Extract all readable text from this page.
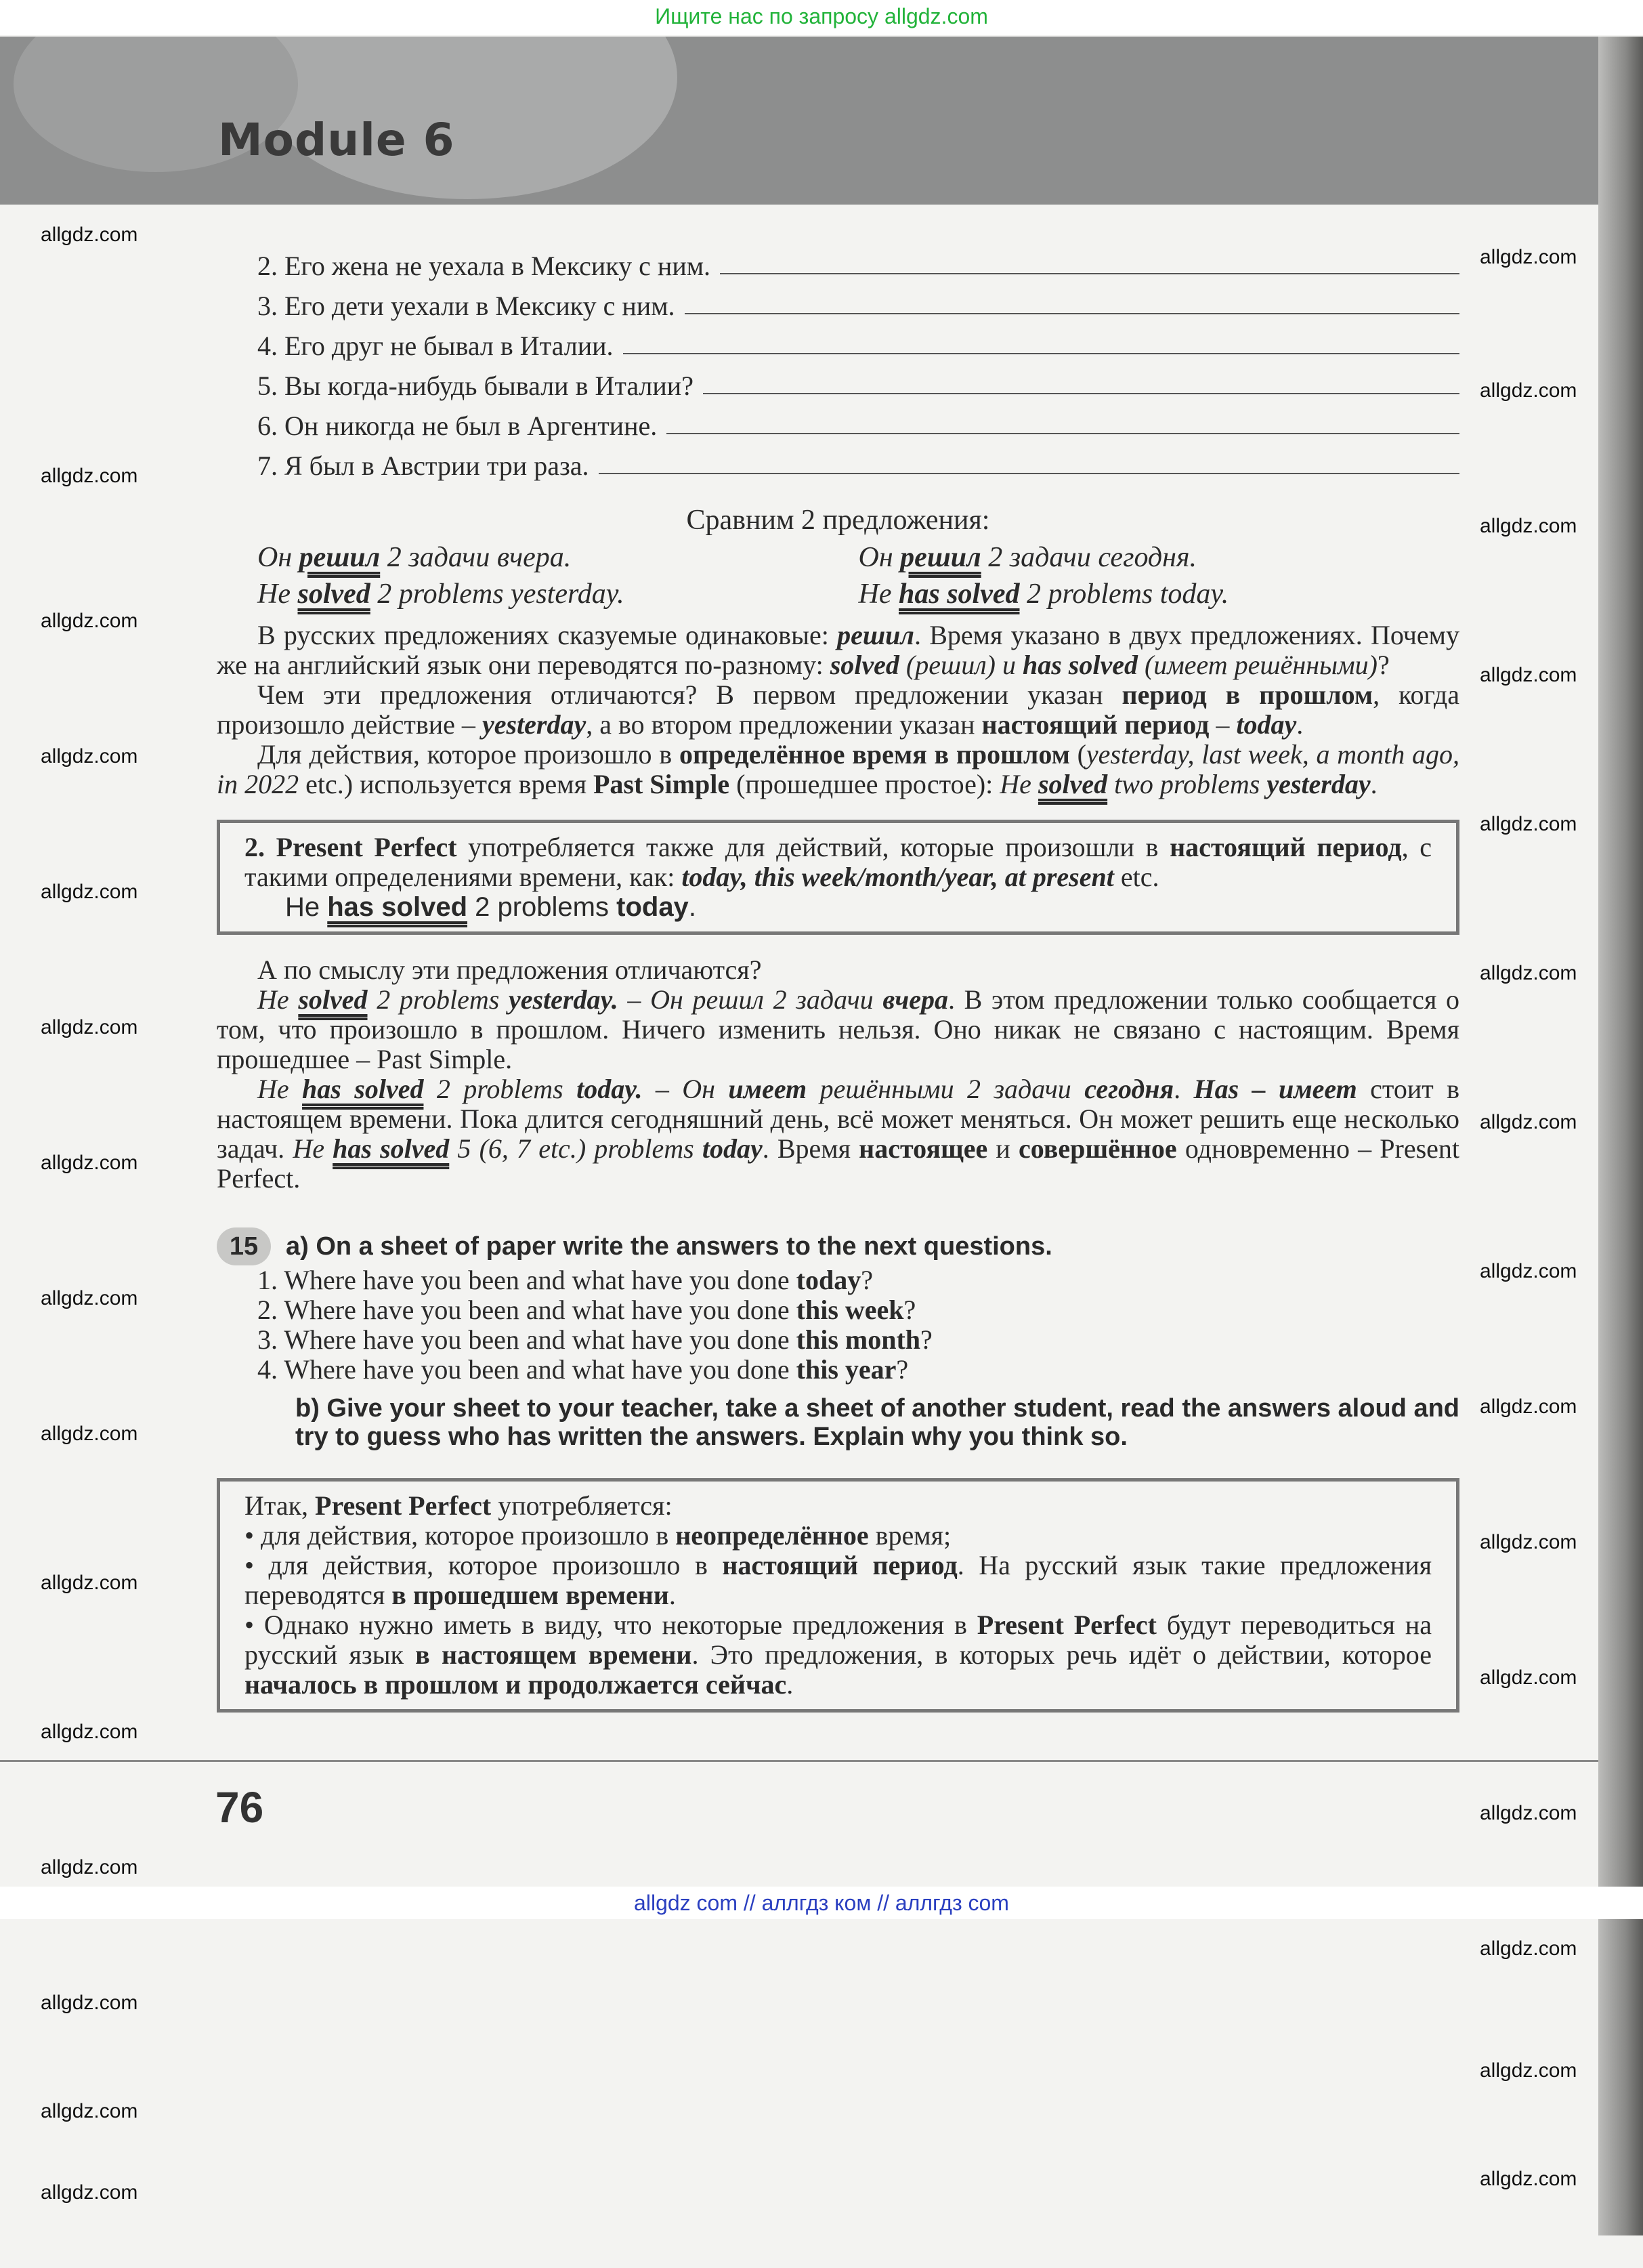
Ищите нас по запросу allgdz.com
Module 6
2. Его жена не уехала в Мексику с ним.
3. Его дети уехали в Мексику с ним.
4. Его друг не бывал в Италии.
5. Вы когда-нибудь бывали в Италии?
6. Он никогда не был в Аргентине.
7. Я был в Австрии три раза.
Сравним 2 предложения:
Он решил 2 задачи вчера.	Он решил 2 задачи сегодня.
He solved 2 problems yesterday.	He has solved 2 problems today.

В русских предложениях сказуемые одинаковые: решил. Время указано в двух предложениях. Почему же на английский язык они переводятся по-разному: solved (решил) и has solved (имеет решёнными)?

Чем эти предложения отличаются? В первом предложении указан период в прошлом, когда произошло действие – yesterday, а во втором предложении указан настоящий период – today.

Для действия, которое произошло в определённое время в прошлом (yesterday, last week, a month ago, in 2022 etc.) используется время Past Simple (прошедшее простое): He solved two problems yesterday.

2. Present Perfect употребляется также для действий, которые произошли в настоящий период, с такими определениями времени, как: today, this week/month/year, at present etc.

He has solved 2 problems today.

А по смыслу эти предложения отличаются?

He solved 2 problems yesterday. – Он решил 2 задачи вчера. В этом предложении только сообщается о том, что произошло в прошлом. Ничего изменить нельзя. Оно никак не связано с настоящим. Время прошедшее – Past Simple.

He has solved 2 problems today. – Он имеет решёнными 2 задачи сегодня. Has – имеет стоит в настоящем времени. Пока длится сегодняшний день, всё может меняться. Он может решить еще несколько задач. He has solved 5 (6, 7 etc.) problems today. Время настоящее и совершённое одновременно – Present Perfect.

15 a) On a sheet of paper write the answers to the next questions.
1. Where have you been and what have you done today?
2. Where have you been and what have you done this week?
3. Where have you been and what have you done this month?
4. Where have you been and what have you done this year?
b) Give your sheet to your teacher, take a sheet of another student, read the answers aloud and try to guess who has written the answers. Explain why you think so.

Итак, Present Perfect употребляется:

• для действия, которое произошло в неопределённое время;

• для действия, которое произошло в настоящий период. На русский язык такие предложения переводятся в прошедшем времени.

• Однако нужно иметь в виду, что некоторые предложения в Present Perfect будут переводиться на русский язык в настоящем времени. Это предложения, в которых речь идёт о действии, которое началось в прошлом и продолжается сейчас.

76
allgdz com // аллгдз ком // аллгдз com
allgdz.com
allgdz.com
allgdz.com
allgdz.com
allgdz.com
allgdz.com
allgdz.com
allgdz.com
allgdz.com
allgdz.com
allgdz.com
allgdz.com
allgdz.com
allgdz.com
allgdz.com
allgdz.com
allgdz.com
allgdz.com
allgdz.com
allgdz.com
allgdz.com
allgdz.com
allgdz.com
allgdz.com
allgdz.com
allgdz.com
allgdz.com
allgdz.com
allgdz.com
allgdz.com
